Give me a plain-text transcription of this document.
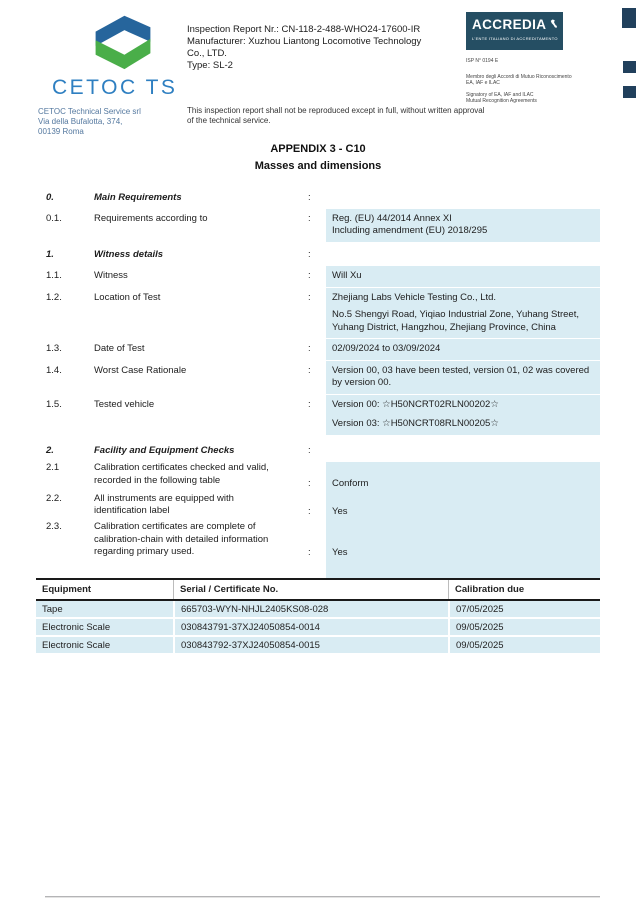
CETOC TS
CETOC Technical Service srl
Via della Bufalotta, 374,
00139 Roma
Inspection Report Nr.: CN-118-2-488-WHO24-17600-IR
Manufacturer: Xuzhou Liantong Locomotive Technology
Co., LTD.
Type: SL-2
This inspection report shall not be reproduced except in full, without written approval of the technical service.
ACCREDIA
L'ENTE ITALIANO DI ACCREDITAMENTO
ISP N° 0194 E
Membro degli Accordi di Mutuo Riconoscimento
EA, IAF e ILAC
Signatory of EA, IAF and ILAC
Mutual Recognition Agreements
APPENDIX 3 - C10
Masses and dimensions
0.	Main Requirements	:
0.1.	Requirements according to	:	Reg. (EU) 44/2014 Annex XI
Including amendment (EU) 2018/295
1.	Witness details	:
1.1.	Witness	:	Will Xu
1.2.	Location of Test	:	Zhejiang Labs Vehicle Testing Co., Ltd.
No.5 Shengyi Road, Yiqiao Industrial Zone, Yuhang Street, Yuhang District, Hangzhou, Zhejiang Province, China
1.3.	Date of Test	:	02/09/2024 to 03/09/2024
1.4.	Worst Case Rationale	:	Version 00, 03 have been tested, version 01, 02 was covered by version 00.
1.5.	Tested vehicle	:	Version 00: ☆H50NCRT02RLN00202☆
Version 03: ☆H50NCRT08RLN00205☆
2.	Facility and Equipment Checks	:
2.1	Calibration certificates checked and valid,
recorded in the following table	:	Conform
2.2.	All instruments are equipped with
identification label	:	Yes
2.3.	Calibration certificates are complete of
calibration-chain with detailed information
regarding primary used.	:	Yes
Equipment	Serial / Certificate No.	Calibration due
Tape	665703-WYN-NHJL2405KS08-028	07/05/2025
Electronic Scale	030843791-37XJ24050854-0014	09/05/2025
Electronic Scale	030843792-37XJ24050854-0015	09/05/2025
